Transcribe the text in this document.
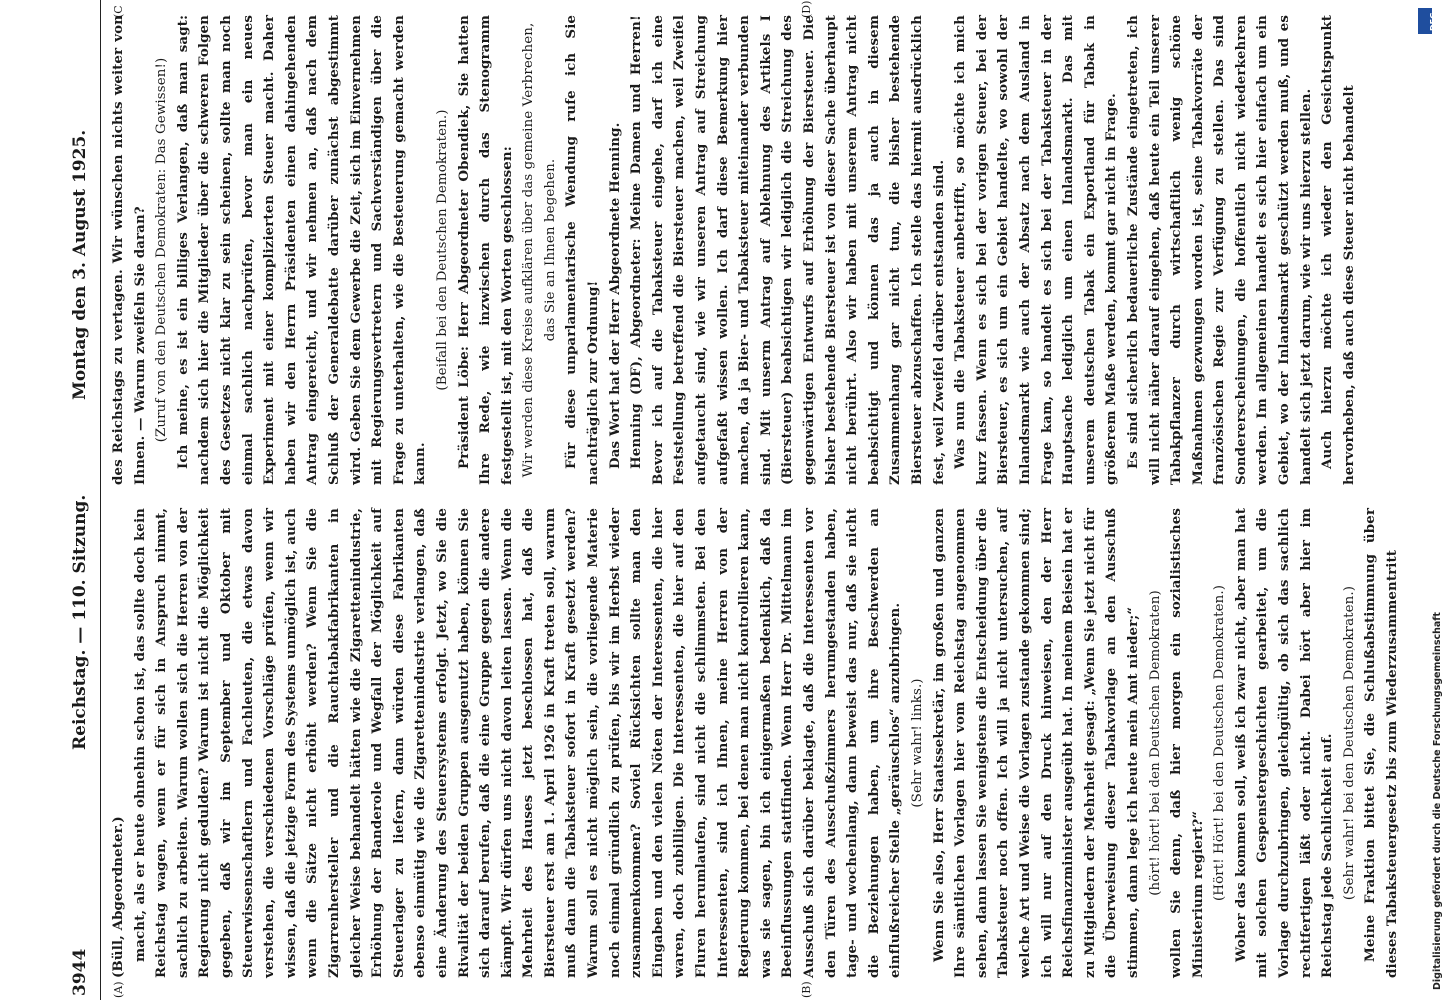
3944
Reichstag. — 110. Sitzung.
Montag den 3. August 1925.
(A)	(B)
(C	(D)

(Büll, Abgeordneter.) macht, als er heute ohnehin schon ist, das sollte doch kein Reichstag wagen, wenn er für sich in Anspruch nimmt, sachlich zu arbeiten. Warum wollen sich die Herren von der Regierung nicht gedulden? Warum ist nicht die Möglichkeit gegeben, daß wir im September und Oktober mit Steuerwissenschaftlern und Fachleuten, die etwas davon verstehen, die verschiedenen Vorschläge prüfen, wenn wir wissen, daß die jetzige Form des Systems unmöglich ist, auch wenn die Sätze nicht erhöht werden? Wenn Sie die Zigarrenhersteller und die Rauchtabakfabrikanten in gleicher Weise behandelt hätten wie die Zigarettenindustrie, Erhöhung der Banderole und Wegfall der Möglichkeit auf Steuerlager zu liefern, dann würden diese Fabrikanten ebenso einmütig wie die Zigarettenindustrie verlangen, daß eine Änderung des Steuersystems erfolgt. Jetzt, wo Sie die Rivalität der beiden Gruppen ausgenutzt haben, können Sie sich darauf berufen, daß die eine Gruppe gegen die andere kämpft. Wir dürfen uns nicht davon leiten lassen. Wenn die Mehrheit des Hauses jetzt beschlossen hat, daß die Biersteuer erst am 1. April 1926 in Kraft treten soll, warum muß dann die Tabaksteuer sofort in Kraft gesetzt werden? Warum soll es nicht möglich sein, die vorliegende Materie noch einmal gründlich zu prüfen, bis wir im Herbst wieder zusammenkommen? Soviel Rücksichten sollte man den Eingaben und den vielen Nöten der Interessenten, die hier waren, doch zubilligen. Die Interessenten, die hier auf den Fluren herumlaufen, sind nicht die schlimmsten. Bei den Interessenten, sind ich Ihnen, meine Herren von der Regierung kommen, bei denen man nicht kontrollieren kann, was sie sagen, bin ich einigermaßen bedenklich, daß da Beeinflussungen stattfinden. Wenn Herr Dr. Mittelmann im Ausschuß sich darüber beklagte, daß die Interessenten vor den Türen des Ausschußzimmers herumgestanden haben, tage- und wochenlang, dann beweist das nur, daß sie nicht die Beziehungen haben, um ihre Beschwerden an einflußreicher Stelle „geräuschlos“ anzubringen. (Sehr wahr! links.) Wenn Sie also, Herr Staatssekretär, im großen und ganzen Ihre sämtlichen Vorlagen hier vom Reichstag angenommen sehen, dann lassen Sie wenigstens die Entscheidung über die Tabaksteuer noch offen. Ich will ja nicht untersuchen, auf welche Art und Weise die Vorlagen zustande gekommen sind; ich will nur auf den Druck hinweisen, den der Herr Reichsfinanzminister ausgeübt hat. In meinem Beisein hat er zu Mitgliedern der Mehrheit gesagt: „Wenn Sie jetzt nicht für die Überweisung dieser Tabakvorlage an den Ausschuß stimmen, dann lege ich heute mein Amt nieder;“ (hört! hört! bei den Deutschen Demokraten) wollen Sie denn, daß hier morgen ein sozialistisches Ministerium regiert?“ (Hört! Hört! bei den Deutschen Demokraten.) Woher das kommen soll, weiß ich zwar nicht, aber man hat mit solchen Gespenstergeschichten gearbeitet, um die Vorlage durchzubringen, gleichgültig, ob sich das sachlich rechtfertigen läßt oder nicht. Dabei hört aber hier im Reichstag jede Sachlichkeit auf. (Sehr wahr! bei den Deutschen Demokraten.) Meine Fraktion bittet Sie, die Schlußabstimmung über dieses Tabaksteuergesetz bis zum Wiederzusammentritt

des Reichstags zu vertagen. Wir wünschen nichts weiter von Ihnen. — Warum zweifeln Sie daran? (Zuruf von den Deutschen Demokraten: Das Gewissen!) Ich meine, es ist ein billiges Verlangen, daß man sagt: nachdem sich hier die Mitglieder über die schweren Folgen des Gesetzes nicht klar zu sein scheinen, sollte man noch einmal sachlich nachprüfen, bevor man ein neues Experiment mit einer komplizierten Steuer macht. Daher haben wir den Herrn Präsidenten einen dahingehenden Antrag eingereicht, und wir nehmen an, daß nach dem Schluß der Generaldebatte darüber zunächst abgestimmt wird. Geben Sie dem Gewerbe die Zeit, sich im Einvernehmen mit Regierungsvertretern und Sachverständigen über die Frage zu unterhalten, wie die Besteuerung gemacht werden kann.

(Beifall bei den Deutschen Demokraten.) Präsident Löbe: Herr Abgeordneter Obendiek, Sie hatten Ihre Rede, wie inzwischen durch das Stenogramm festgestellt ist, mit den Worten geschlossen: Wir werden diese Kreise aufklären über das gemeine Verbrechen, das Sie an Ihnen begehen. Für diese unparlamentarische Wendung rufe ich Sie nachträglich zur Ordnung! Das Wort hat der Herr Abgeordnete Henning. Henning (DF), Abgeordneter: Meine Damen und Herren! Bevor ich auf die Tabaksteuer eingehe, darf ich eine Feststellung betreffend die Biersteuer machen, weil Zweifel aufgetaucht sind, wie wir unseren Antrag auf Streichung aufgefaßt wissen wollen. Ich darf diese Bemerkung hier machen, da ja Bier- und Tabaksteuer miteinander verbunden sind. Mit unserm Antrag auf Ablehnung des Artikels I (Biersteuer) beabsichtigen wir lediglich die Streichung des gegenwärtigen Entwurfs auf Erhöhung der Biersteuer. Die bisher bestehende Biersteuer ist von dieser Sache überhaupt nicht berührt. Also wir haben mit unserem Antrag nicht beabsichtigt und können das ja auch in diesem Zusammenhang gar nicht tun, die bisher bestehende Biersteuer abzuschaffen. Ich stelle das hiermit ausdrücklich fest, weil Zweifel darüber entstanden sind. Was nun die Tabaksteuer anbetrifft, so möchte ich mich kurz fassen. Wenn es sich bei der vorigen Steuer, bei der Biersteuer, es sich um ein Gebiet handelte, wo sowohl der Inlandsmarkt wie auch der Absatz nach dem Ausland in Frage kam, so handelt es sich bei der Tabaksteuer in der Hauptsache lediglich um einen Inlandsmarkt. Das mit unserem deutschen Tabak ein Exportland für Tabak in größerem Maße werden, kommt gar nicht in Frage. Es sind sicherlich bedauerliche Zustände eingetreten, ich will nicht näher darauf eingehen, daß heute ein Teil unserer Tabakpflanzer durch wirtschaftlich wenig schöne Maßnahmen gezwungen worden ist, seine Tabakvorräte der französischen Regie zur Verfügung zu stellen. Das sind Sondererscheinungen, die hoffentlich nicht wiederkehren werden. Im allgemeinen handelt es sich hier einfach um ein Gebiet, wo der Inlandsmarkt geschützt werden muß, und es handelt sich jetzt darum, wie wir uns hierzu stellen. Auch hierzu möchte ich wieder den Gesichtspunkt hervorheben, daß auch diese Steuer nicht behandelt

DFG
Digitalisierung gefördert durch die Deutsche Forschungsgemeinschaft
